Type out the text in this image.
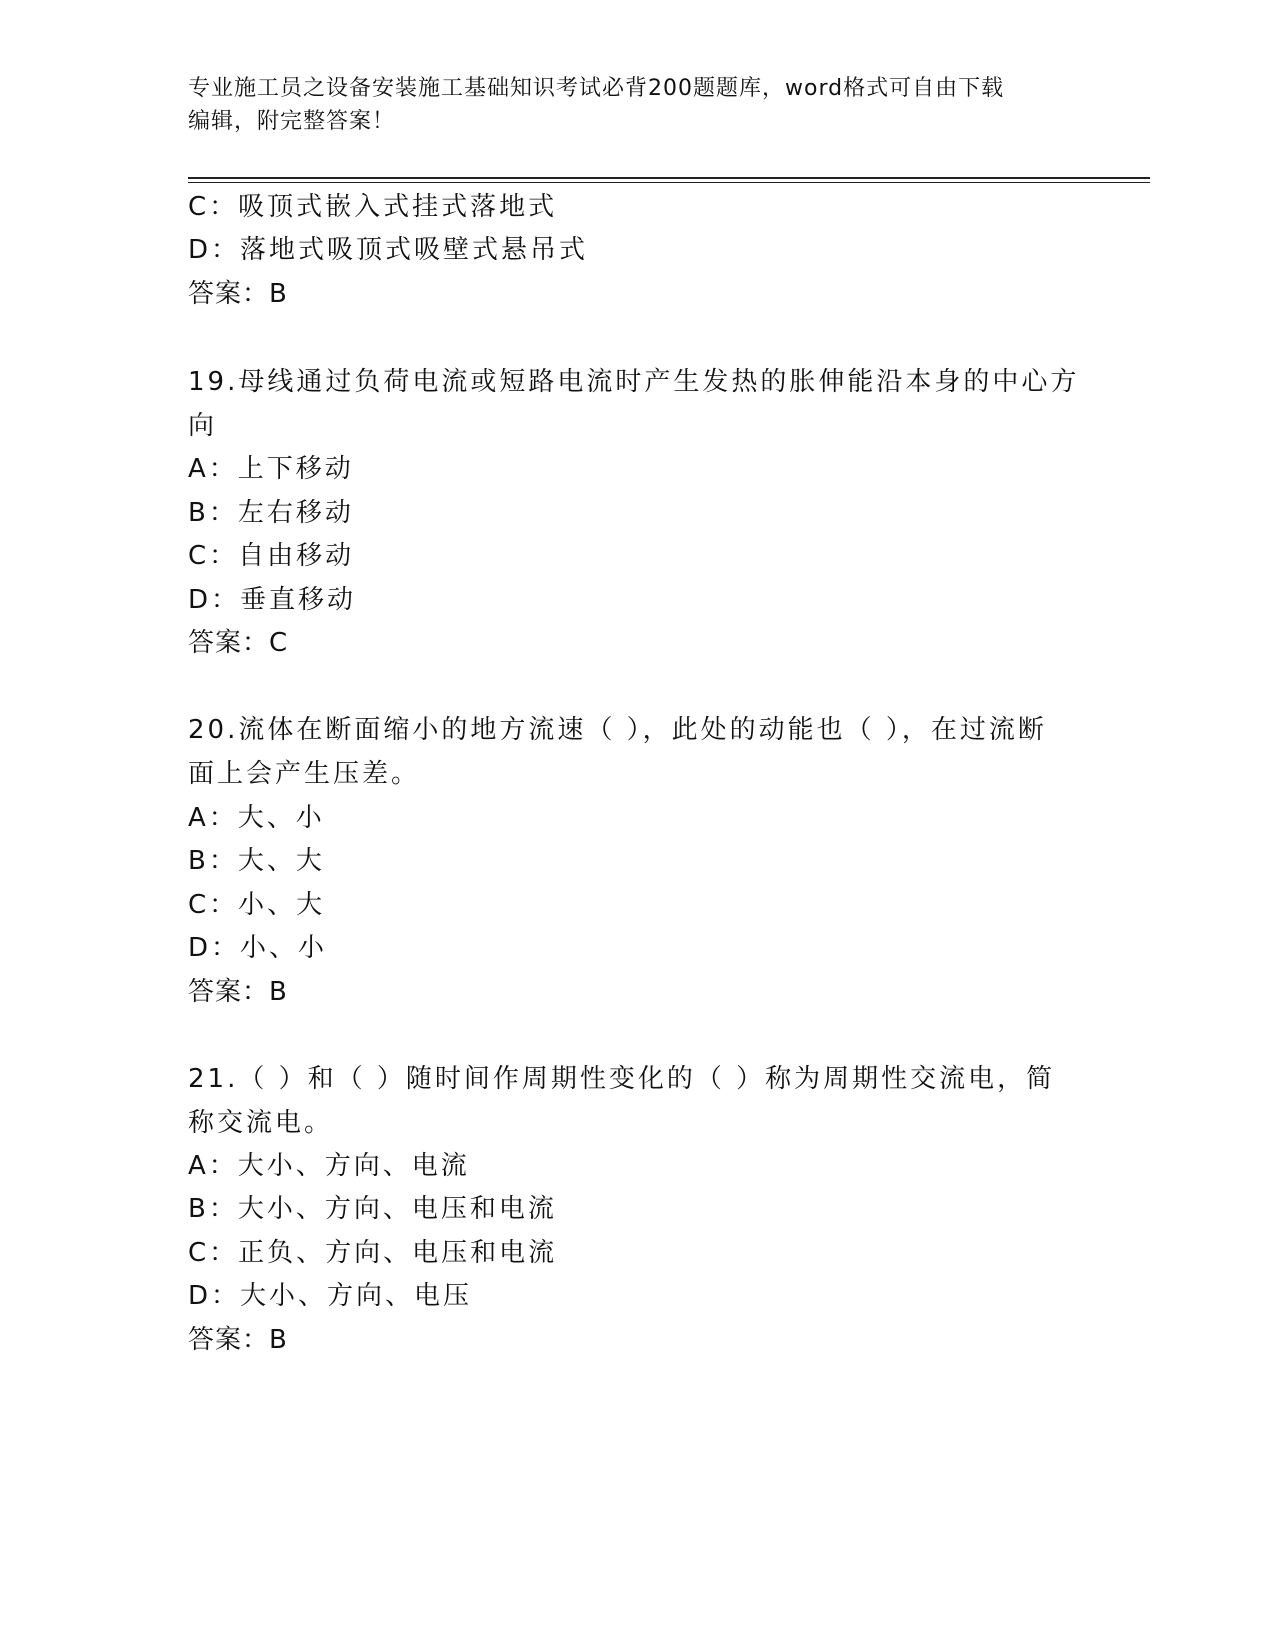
专业施工员之设备安装施工基础知识考试必背200题题库，word格式可自由下载
编辑，附完整答案！
C：吸顶式嵌入式挂式落地式
D：落地式吸顶式吸壁式悬吊式
答案：B
19.母线通过负荷电流或短路电流时产生发热的胀伸能沿本身的中心方
向
A：上下移动
B：左右移动
C：自由移动
D：垂直移动
答案：C
20.流体在断面缩小的地方流速（ ），此处的动能也（ ），在过流断
面上会产生压差。
A：大、小
B：大、大
C：小、大
D：小、小
答案：B
21.（ ）和（ ）随时间作周期性变化的（ ）称为周期性交流电，简
称交流电。
A：大小、方向、电流
B：大小、方向、电压和电流
C：正负、方向、电压和电流
D：大小、方向、电压
答案：B
